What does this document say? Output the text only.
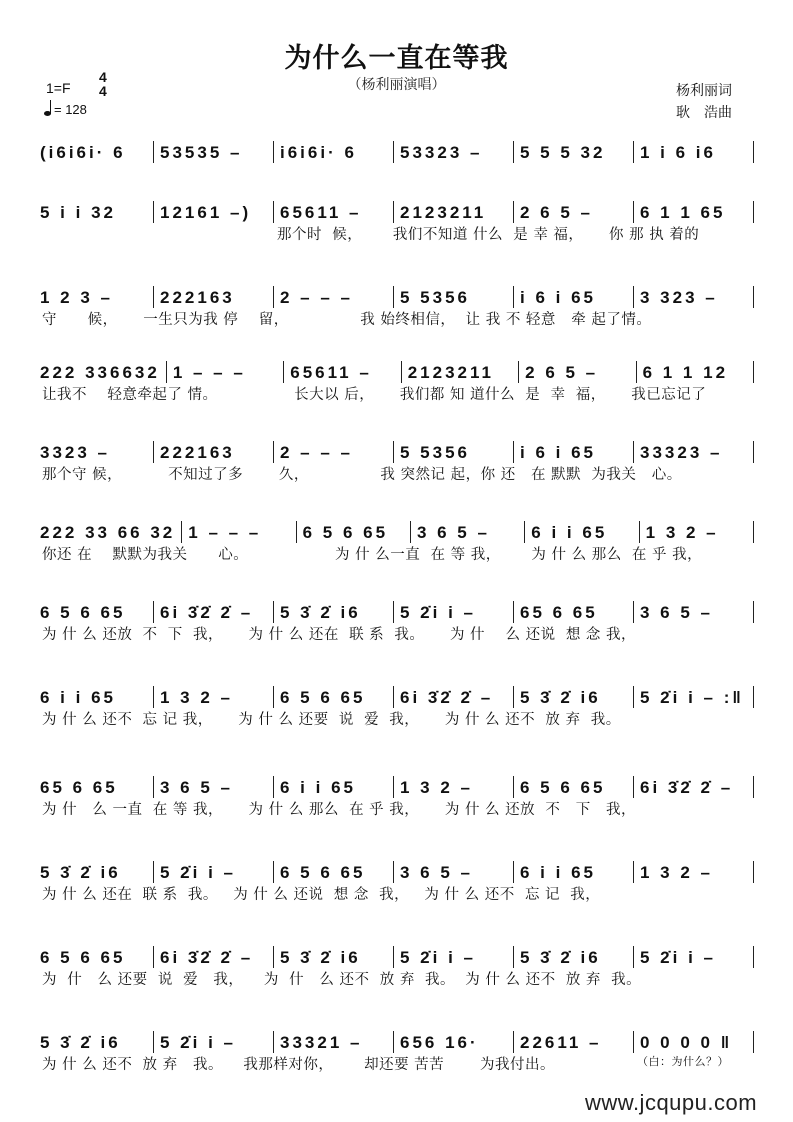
为什么一直在等我
（杨利丽演唱）
1=F
4
4
= 128
杨利丽词
耿　浩曲
(i6i6i· 6	53535 –	i6i6i· 6	53323 –	5 5 5 32	1 i 6 i6
5 i i 32	12161 –)	65611 –	2123211	2 6 5 –	6 1 1 65
那个时  候，      我们不知道 什么  是 幸 福，     你 那 执 着的
1 2 3 –	222163	2 – – –	5 5356	i 6 i 65	3 323 –
守      候，     一生只为我 停    留，              我 始终相信，  让 我 不 轻意   牵 起了情。
222 336632 1 – – –	65611 –	2123211	2 6 5 –	6 1 1 12
让我不    轻意牵起了 情。               长大以 后，     我们都 知 道什么  是  幸  福，     我已忘记了
3323 –	222163	2 – – –	5 5356	i 6 i 65	33323 –
那个守 候，         不知过了多       久，              我 突然记 起，你 还   在 默默  为我关   心。
222 33 66 32 1 – – –	6 5 6 65	3 6 5 –	6 i i 65	1 3 2 –
你还 在    默默为我关      心。                 为 什 么一直  在 等 我，      为 什 么 那么  在 乎 我，
6 5 6 65	6i 3̇2̇ 2̇ –	5 3̇ 2̇ i6	5 2̇i i –	65 6 65	3 6 5 –
为 什 么 还放  不  下  我，     为 什 么 还在  联 系  我。     为 什    么 还说  想 念 我，
6 i i 65	1 3 2 –	6 5 6 65	6i 3̇2̇ 2̇ –	5 3̇ 2̇ i6	5 2̇i i – :‖
为 什 么 还不  忘 记 我，     为 什 么 还要  说  爱  我，     为 什 么 还不  放 弃  我。
65 6 65	3 6 5 –	6 i i 65	1 3 2 –	6 5 6 65	6i 3̇2̇ 2̇ –
为 什   么 一直  在 等 我，     为 什 么 那么  在 乎 我，     为 什 么 还放  不   下   我，
5 3̇ 2̇ i6	5 2̇i i –	6 5 6 65	3 6 5 –	6 i i 65	1 3 2 –
为 什 么 还在  联 系  我。   为 什 么 还说  想 念  我，   为 什 么 还不  忘 记  我，
6 5 6 65	6i 3̇2̇ 2̇ –	5 3̇ 2̇ i6	5 2̇i i –	5 3̇ 2̇ i6	5 2̇i i –
为  什   么 还要  说  爱   我，    为  什   么 还不  放 弃  我。  为 什 么 还不  放 弃  我。
5 3̇ 2̇ i6	5 2̇i i –	33321 –	656 16·	22611 –	0 0 0 0 ‖
为 什 么 还不  放 弃   我。    我那样对你，      却还要 苦苦       为我付出。	（白：为什么？）
www.jcqupu.com
